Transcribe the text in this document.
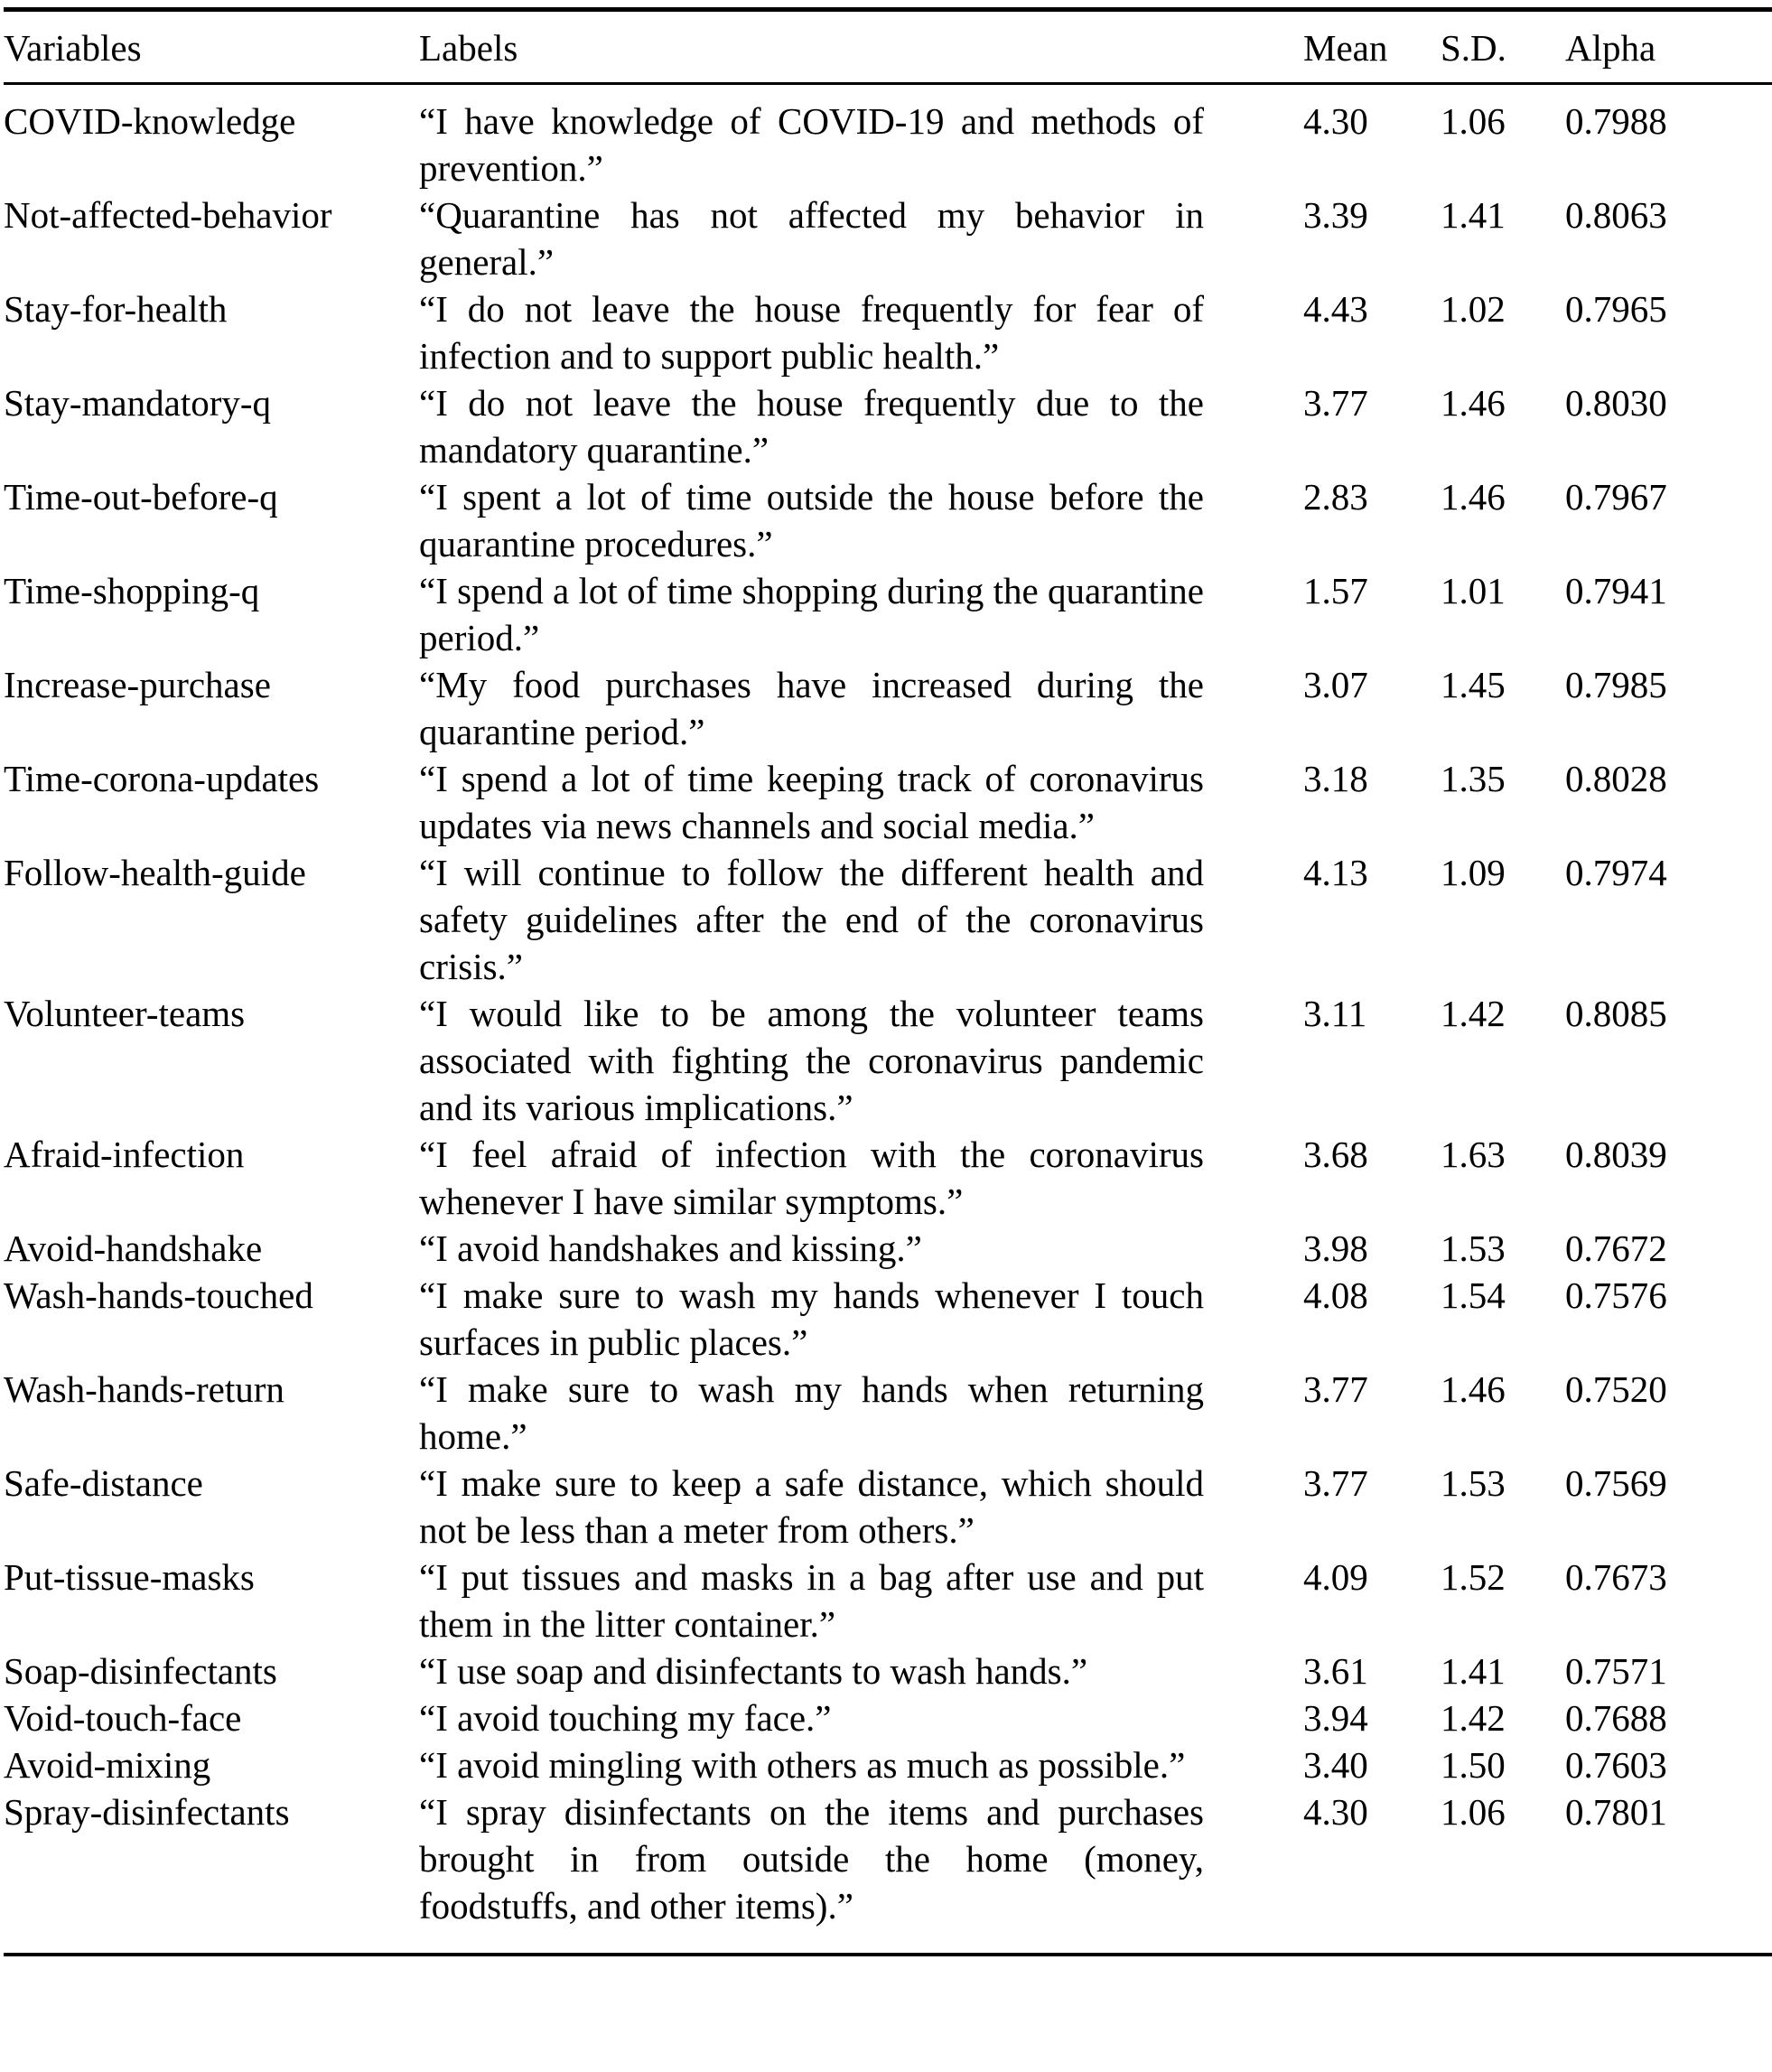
Variables	Labels	Mean	S.D.	Alpha
COVID-knowledge	“I have knowledge of COVID-19 and methods of prevention.”	4.30	1.06	0.7988
Not-affected-behavior	“Quarantine has not affected my behavior in general.”	3.39	1.41	0.8063
Stay-for-health	“I do not leave the house frequently for fear of infection and to support public health.”	4.43	1.02	0.7965
Stay-mandatory-q	“I do not leave the house frequently due to the mandatory quarantine.”	3.77	1.46	0.8030
Time-out-before-q	“I spent a lot of time outside the house before the quarantine procedures.”	2.83	1.46	0.7967
Time-shopping-q	“I spend a lot of time shopping during the quarantine period.”	1.57	1.01	0.7941
Increase-purchase	“My food purchases have increased during the quarantine period.”	3.07	1.45	0.7985
Time-corona-updates	“I spend a lot of time keeping track of coronavirus updates via news channels and social media.”	3.18	1.35	0.8028
Follow-health-guide	“I will continue to follow the different health and safety guidelines after the end of the coronavirus crisis.”	4.13	1.09	0.7974
Volunteer-teams	“I would like to be among the volunteer teams associated with fighting the coronavirus pandemic and its various implications.”	3.11	1.42	0.8085
Afraid-infection	“I feel afraid of infection with the coronavirus whenever I have similar symptoms.”	3.68	1.63	0.8039
Avoid-handshake	“I avoid handshakes and kissing.”	3.98	1.53	0.7672
Wash-hands-touched	“I make sure to wash my hands whenever I touch surfaces in public places.”	4.08	1.54	0.7576
Wash-hands-return	“I make sure to wash my hands when returning home.”	3.77	1.46	0.7520
Safe-distance	“I make sure to keep a safe distance, which should not be less than a meter from others.”	3.77	1.53	0.7569
Put-tissue-masks	“I put tissues and masks in a bag after use and put them in the litter container.”	4.09	1.52	0.7673
Soap-disinfectants	“I use soap and disinfectants to wash hands.”	3.61	1.41	0.7571
Void-touch-face	“I avoid touching my face.”	3.94	1.42	0.7688
Avoid-mixing	“I avoid mingling with others as much as possible.”	3.40	1.50	0.7603
Spray-disinfectants	“I spray disinfectants on the items and purchases brought in from outside the home (money, foodstuffs, and other items).”	4.30	1.06	0.7801
